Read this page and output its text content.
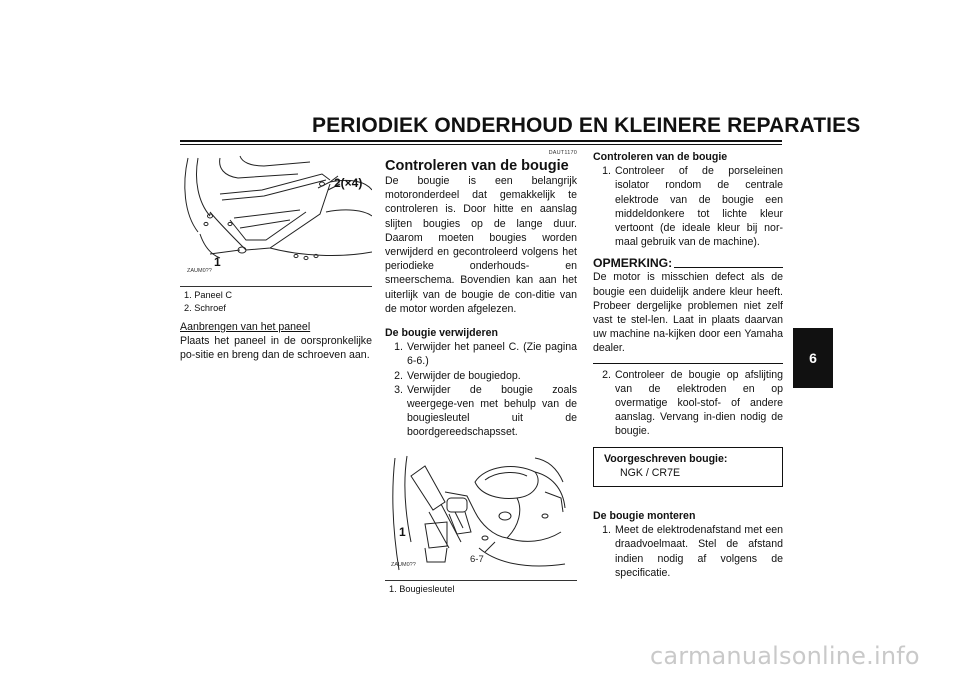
PERIODIEK ONDERHOUD EN KLEINERE REPARATIES
6
ZAUM0??
1
2(×4)
1. Paneel C
2. Schroef
Aanbrengen van het paneel
Plaats het paneel in de oorspronkelijke po-sitie en breng dan de schroeven aan.
DAUT1170
Controleren van de bougie
De bougie is een belangrijk motoronderdeel dat gemakkelijk te controleren is. Door hitte en aanslag slijten bougies op de lange duur. Daarom moeten bougies worden verwijderd en gecontroleerd volgens het periodieke onderhouds- en smeerschema. Bovendien kan aan het uiterlijk van de bougie de con-ditie van de motor worden afgelezen.
De bougie verwijderen
1. Verwijder het paneel C. (Zie pagina 6-6.)
2. Verwijder de bougiedop.
3. Verwijder de bougie zoals weergege-ven met behulp van de bougiesleutel uit de boordgereedschapsset.
ZAUM0??
1
1. Bougiesleutel
Controleren van de bougie
1. Controleer of de porseleinen isolator rondom de centrale elektrode van de bougie een middeldonkere tot lichte kleur vertoont (de ideale kleur bij nor-maal gebruik van de machine).
OPMERKING:
De motor is misschien defect als de bougie een duidelijk andere kleur heeft. Probeer dergelijke problemen niet zelf vast te stel-len. Laat in plaats daarvan uw machine na-kijken door een Yamaha dealer.
2. Controleer de bougie op afslijting van de elektroden en op overmatige kool-stof- of andere aanslag. Vervang in-dien nodig de bougie.
Voorgeschreven bougie:
NGK / CR7E
De bougie monteren
1. Meet de elektrodenafstand met een draadvoelmaat. Stel de afstand indien nodig af volgens de specificatie.
6-7
carmanualsonline.info
